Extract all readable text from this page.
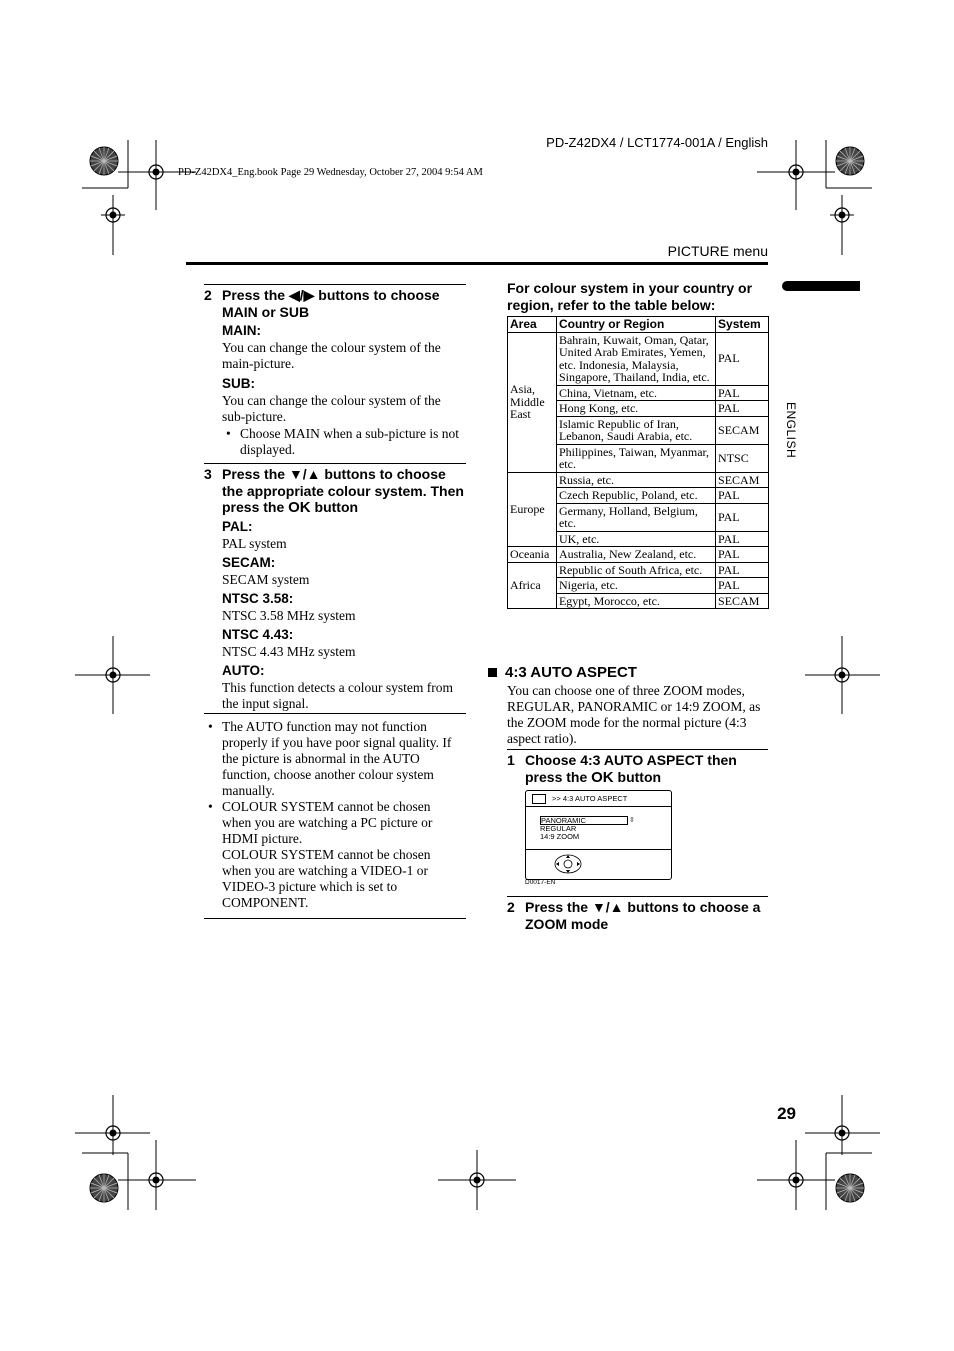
PD-Z42DX4 / LCT1774-001A / English
PD-Z42DX4_Eng.book Page 29 Wednesday, October 27, 2004 9:54 AM
PICTURE menu
ENGLISH
2 Press the ◀/▶ buttons to choose MAIN or SUB
MAIN:
You can change the colour system of the main-picture.
SUB:
You can change the colour system of the sub-picture.
• Choose MAIN when a sub-picture is not displayed.
3 Press the ▼/▲ buttons to choose the appropriate colour system. Then press the OK button
PAL:
PAL system
SECAM:
SECAM system
NTSC 3.58:
NTSC 3.58 MHz system
NTSC 4.43:
NTSC 4.43 MHz system
AUTO:
This function detects a colour system from the input signal.
• The AUTO function may not function properly if you have poor signal quality. If the picture is abnormal in the AUTO function, choose another colour system manually.
• COLOUR SYSTEM cannot be chosen when you are watching a PC picture or HDMI picture.
COLOUR SYSTEM cannot be chosen when you are watching a VIDEO-1 or VIDEO-3 picture which is set to COMPONENT.
For colour system in your country or region, refer to the table below:
Area	Country or Region	System
Asia, Middle East	Bahrain, Kuwait, Oman, Qatar, United Arab Emirates, Yemen, etc. Indonesia, Malaysia, Singapore, Thailand, India, etc.	PAL
	China, Vietnam, etc.	PAL
	Hong Kong, etc.	PAL
	Islamic Republic of Iran, Lebanon, Saudi Arabia, etc.	SECAM
	Philippines, Taiwan, Myanmar, etc.	NTSC
Europe	Russia, etc.	SECAM
	Czech Republic, Poland, etc.	PAL
	Germany, Holland, Belgium, etc.	PAL
	UK, etc.	PAL
Oceania	Australia, New Zealand, etc.	PAL
Africa	Republic of South Africa, etc.	PAL
	Nigeria, etc.	PAL
	Egypt, Morocco, etc.	SECAM
4:3 AUTO ASPECT
You can choose one of three ZOOM modes, REGULAR, PANORAMIC or 14:9 ZOOM, as the ZOOM mode for the normal picture (4:3 aspect ratio).
1 Choose 4:3 AUTO ASPECT then press the OK button
>> 4:3 AUTO ASPECT
PANORAMIC	⇳
REGULAR
14:9 ZOOM
D0017-EN
2 Press the ▼/▲ buttons to choose a ZOOM mode
29
